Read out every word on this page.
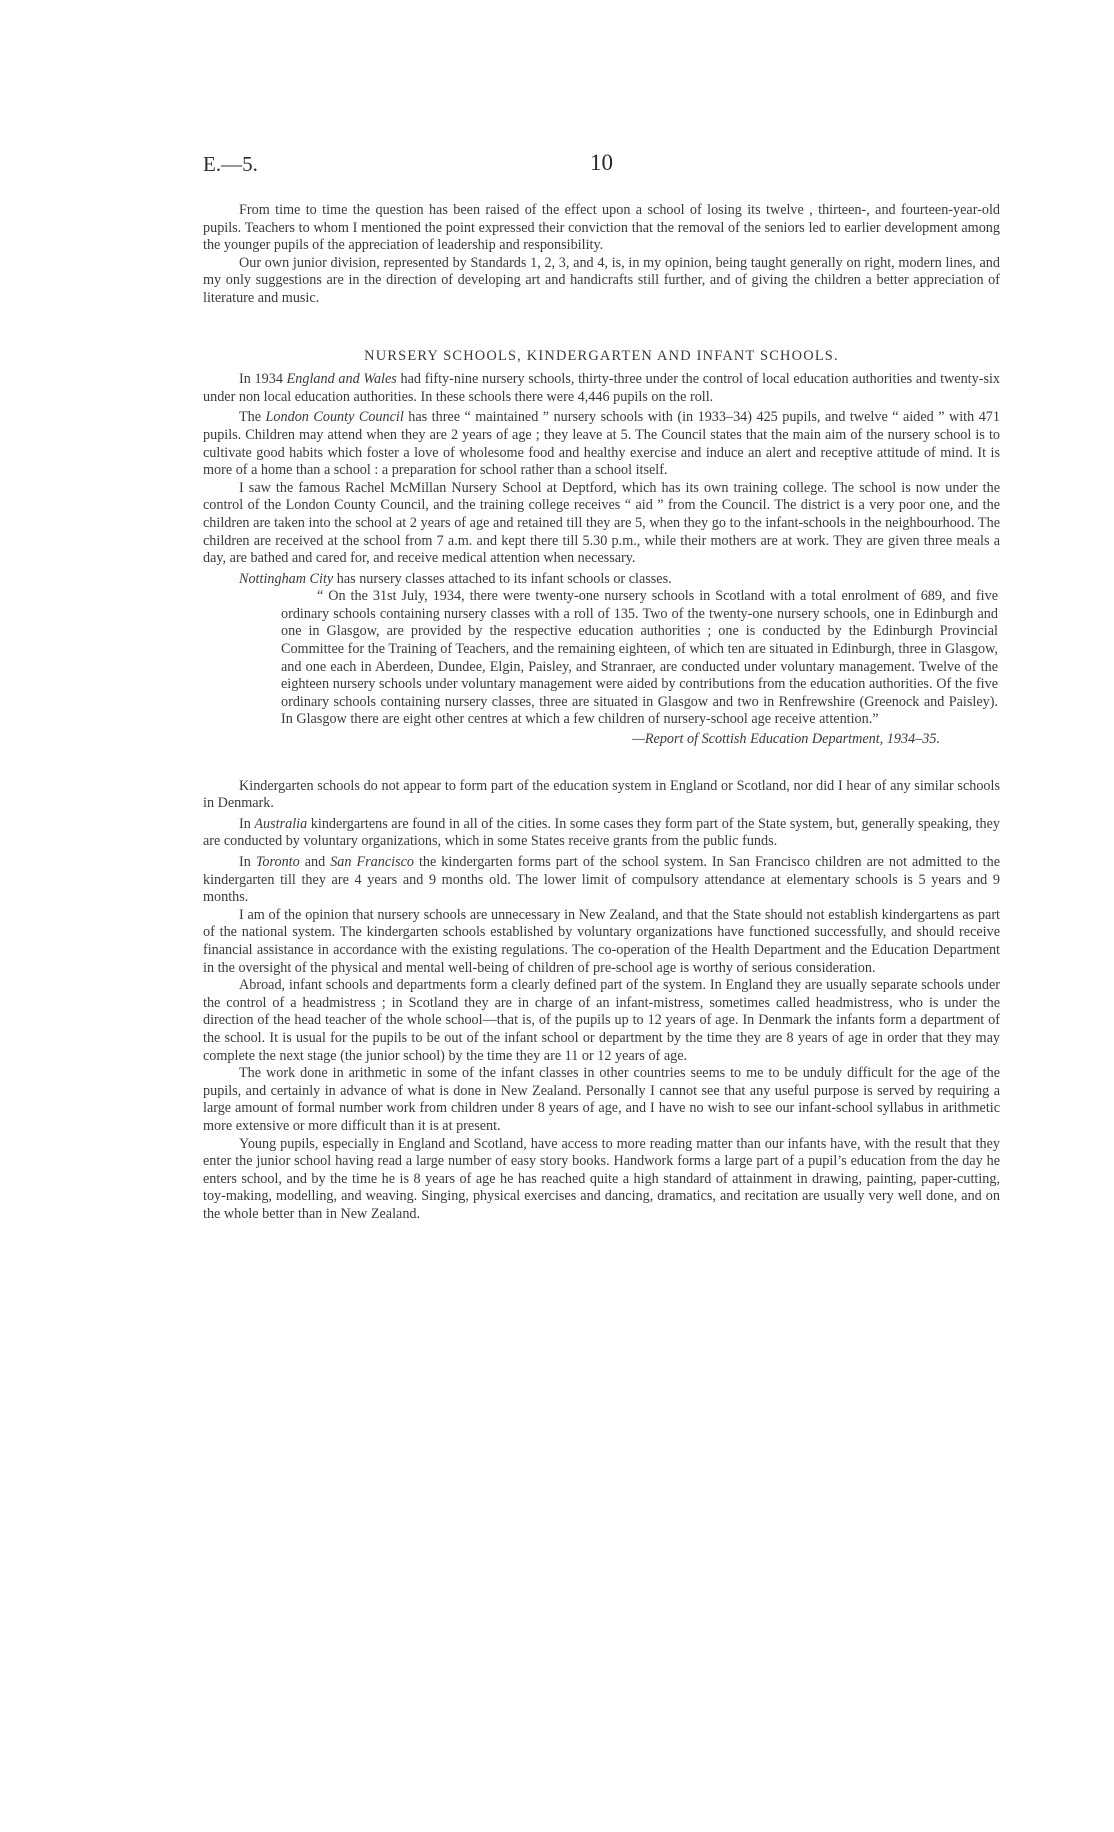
E.—5.	10

From time to time the question has been raised of the effect upon a school of losing its twelve , thirteen-, and fourteen-year-old pupils. Teachers to whom I mentioned the point expressed their conviction that the removal of the seniors led to earlier development among the younger pupils of the appreciation of leadership and responsibility.

Our own junior division, represented by Standards 1, 2, 3, and 4, is, in my opinion, being taught generally on right, modern lines, and my only suggestions are in the direction of developing art and handicrafts still further, and of giving the children a better appreciation of literature and music.

NURSERY SCHOOLS, KINDERGARTEN AND INFANT SCHOOLS.

In 1934 England and Wales had fifty-nine nursery schools, thirty-three under the control of local education authorities and twenty-six under non local education authorities. In these schools there were 4,446 pupils on the roll.

The London County Council has three “ maintained ” nursery schools with (in 1933–34) 425 pupils, and twelve “ aided ” with 471 pupils. Children may attend when they are 2 years of age ; they leave at 5. The Council states that the main aim of the nursery school is to cultivate good habits which foster a love of wholesome food and healthy exercise and induce an alert and receptive attitude of mind. It is more of a home than a school : a preparation for school rather than a school itself.

I saw the famous Rachel McMillan Nursery School at Deptford, which has its own training college. The school is now under the control of the London County Council, and the training college receives “ aid ” from the Council. The district is a very poor one, and the children are taken into the school at 2 years of age and retained till they are 5, when they go to the infant-schools in the neighbourhood. The children are received at the school from 7 a.m. and kept there till 5.30 p.m., while their mothers are at work. They are given three meals a day, are bathed and cared for, and receive medical attention when necessary.

Nottingham City has nursery classes attached to its infant schools or classes.

“ On the 31st July, 1934, there were twenty-one nursery schools in Scotland with a total enrolment of 689, and five ordinary schools containing nursery classes with a roll of 135. Two of the twenty-one nursery schools, one in Edinburgh and one in Glasgow, are provided by the respective education authorities ; one is conducted by the Edinburgh Provincial Committee for the Training of Teachers, and the remaining eighteen, of which ten are situated in Edinburgh, three in Glasgow, and one each in Aberdeen, Dundee, Elgin, Paisley, and Stranraer, are conducted under voluntary management. Twelve of the eighteen nursery schools under voluntary management were aided by contributions from the education authorities. Of the five ordinary schools containing nursery classes, three are situated in Glasgow and two in Renfrewshire (Greenock and Paisley). In Glasgow there are eight other centres at which a few children of nursery-school age receive attention.”

—Report of Scottish Education Department, 1934–35.

Kindergarten schools do not appear to form part of the education system in England or Scotland, nor did I hear of any similar schools in Denmark.

In Australia kindergartens are found in all of the cities. In some cases they form part of the State system, but, generally speaking, they are conducted by voluntary organizations, which in some States receive grants from the public funds.

In Toronto and San Francisco the kindergarten forms part of the school system. In San Francisco children are not admitted to the kindergarten till they are 4 years and 9 months old. The lower limit of compulsory attendance at elementary schools is 5 years and 9 months.

I am of the opinion that nursery schools are unnecessary in New Zealand, and that the State should not establish kindergartens as part of the national system. The kindergarten schools established by voluntary organizations have functioned successfully, and should receive financial assistance in accordance with the existing regulations. The co-operation of the Health Department and the Education Department in the oversight of the physical and mental well-being of children of pre-school age is worthy of serious consideration.

Abroad, infant schools and departments form a clearly defined part of the system. In England they are usually separate schools under the control of a headmistress ; in Scotland they are in charge of an infant-mistress, sometimes called headmistress, who is under the direction of the head teacher of the whole school—that is, of the pupils up to 12 years of age. In Denmark the infants form a department of the school. It is usual for the pupils to be out of the infant school or department by the time they are 8 years of age in order that they may complete the next stage (the junior school) by the time they are 11 or 12 years of age.

The work done in arithmetic in some of the infant classes in other countries seems to me to be unduly difficult for the age of the pupils, and certainly in advance of what is done in New Zealand. Personally I cannot see that any useful purpose is served by requiring a large amount of formal number work from children under 8 years of age, and I have no wish to see our infant-school syllabus in arithmetic more extensive or more difficult than it is at present.

Young pupils, especially in England and Scotland, have access to more reading matter than our infants have, with the result that they enter the junior school having read a large number of easy story books. Handwork forms a large part of a pupil’s education from the day he enters school, and by the time he is 8 years of age he has reached quite a high standard of attainment in drawing, painting, paper-cutting, toy-making, modelling, and weaving. Singing, physical exercises and dancing, dramatics, and recitation are usually very well done, and on the whole better than in New Zealand.
